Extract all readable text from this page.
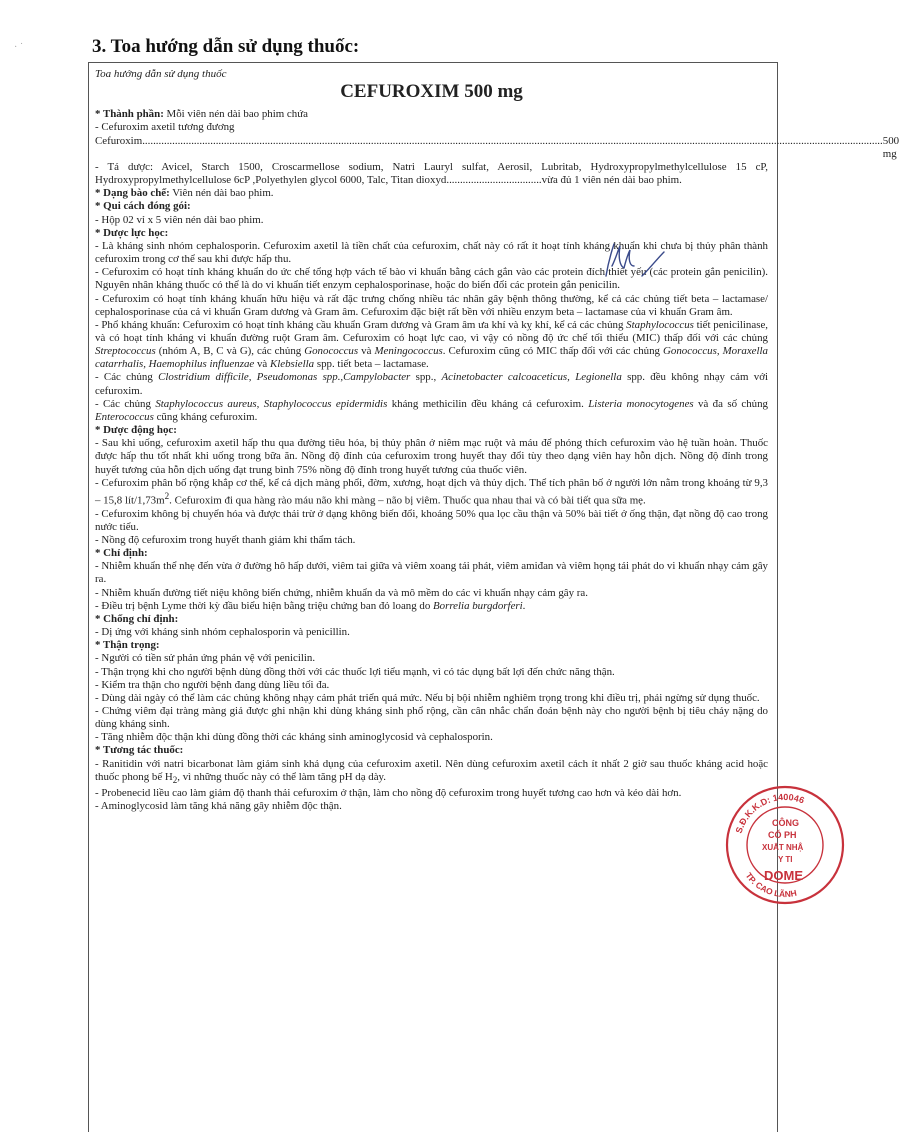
· ˙	3. Toa hướng dẫn sử dụng thuốc:

Toa hướng dẫn sử dụng thuốc

CEFUROXIM 500 mg

* Thành phần: Mỗi viên nén dài bao phim chứa

- Cefuroxim axetil tương đương

Cefuroxim
.....	500 mg

- Tá dược: Avicel, Starch 1500, Croscarmellose sodium, Natri Lauryl sulfat, Aerosil, Lubritab, Hydroxypropylmethylcellulose 15 cP, Hydroxypropylmethylcellulose 6cP ,Polyethylen glycol 6000, Talc, Titan dioxyd...................................vừa đủ 1 viên nén dài bao phim.

* Dạng bào chế: Viên nén dài bao phim.

* Qui cách đóng gói:

- Hộp 02 vỉ x 5 viên nén dài bao phim.

* Dược lực học:

- Là kháng sinh nhóm cephalosporin. Cefuroxim axetil là tiền chất của cefuroxim, chất này có rất ít hoạt tính kháng khuẩn khi chưa bị thủy phân thành cefuroxim trong cơ thể sau khi được hấp thu.

- Cefuroxim có hoạt tính kháng khuẩn do ức chế tổng hợp vách tế bào vi khuẩn bằng cách gắn vào các protein đích thiết yếu (các protein gắn penicilin). Nguyên nhân kháng thuốc có thể là do vi khuẩn tiết enzym cephalosporinase, hoặc do biến đổi các protein gắn penicilin.

- Cefuroxim có hoạt tính kháng khuẩn hữu hiệu và rất đặc trưng chống nhiều tác nhân gây bệnh thông thường, kể cả các chủng tiết beta – lactamase/ cephalosporinase của cả vi khuẩn Gram dương và Gram âm. Cefuroxim đặc biệt rất bền với nhiều enzym beta – lactamase của vi khuẩn Gram âm.

- Phổ kháng khuẩn: Cefuroxim có hoạt tính kháng cầu khuẩn Gram dương và Gram âm ưa khí và kỵ khí, kể cả các chủng Staphylococcus tiết penicilinase, và có hoạt tính kháng vi khuẩn đường ruột Gram âm. Cefuroxim có hoạt lực cao, vì vậy có nồng độ ức chế tối thiểu (MIC) thấp đối với các chủng Streptococcus (nhóm A, B, C và G), các chủng Gonococcus và Meningococcus. Cefuroxim cũng có MIC thấp đối với các chủng Gonococcus, Moraxella catarrhalis, Haemophilus influenzae và Klebsiella spp. tiết beta – lactamase.

- Các chủng Clostridium difficile, Pseudomonas spp.,Campylobacter spp., Acinetobacter calcoaceticus, Legionella spp. đều không nhạy cảm với cefuroxim.

- Các chủng Staphylococcus aureus, Staphylococcus epidermidis kháng methicilin đều kháng cả cefuroxim. Listeria monocytogenes và đa số chủng Enterococcus cũng kháng cefuroxim.

* Dược động học:

- Sau khi uống, cefuroxim axetil hấp thu qua đường tiêu hóa, bị thủy phân ở niêm mạc ruột và máu để phóng thích cefuroxim vào hệ tuần hoàn. Thuốc được hấp thu tốt nhất khi uống trong bữa ăn. Nồng độ đỉnh của cefuroxim trong huyết thay đổi tùy theo dạng viên hay hỗn dịch. Nồng độ đỉnh trong huyết tương của hỗn dịch uống đạt trung bình 75% nồng độ đỉnh trong huyết tương của thuốc viên.

- Cefuroxim phân bố rộng khắp cơ thể, kể cả dịch màng phổi, đờm, xương, hoạt dịch và thủy dịch. Thể tích phân bố ở người lớn nằm trong khoảng từ 9,3 – 15,8 lít/$1,73m^2$. Cefuroxim đi qua hàng rào máu não khi màng – não bị viêm. Thuốc qua nhau thai và có bài tiết qua sữa mẹ.

- Cefuroxim không bị chuyển hóa và được thải trừ ở dạng không biến đổi, khoảng 50% qua lọc cầu thận và 50% bài tiết ở ống thận, đạt nồng độ cao trong nước tiểu.

- Nồng độ cefuroxim trong huyết thanh giảm khi thẩm tách.

* Chỉ định:

- Nhiễm khuẩn thể nhẹ đến vừa ở đường hô hấp dưới, viêm tai giữa và viêm xoang tái phát, viêm amiđan và viêm họng tái phát do vi khuẩn nhạy cảm gây ra.

- Nhiễm khuẩn đường tiết niệu không biến chứng, nhiễm khuẩn da và mô mềm do các vi khuẩn nhạy cảm gây ra.

- Điều trị bệnh Lyme thời kỳ đầu biểu hiện bằng triệu chứng ban đỏ loang do Borrelia burgdorferi.

* Chống chỉ định:

- Dị ứng với kháng sinh nhóm cephalosporin và penicillin.

* Thận trọng:

- Người có tiền sử phản ứng phản vệ với penicilin.

- Thận trọng khi cho người bệnh dùng đồng thời với các thuốc lợi tiểu mạnh, vì có tác dụng bất lợi đến chức năng thận.

- Kiểm tra thận cho người bệnh đang dùng liều tối đa.

- Dùng dài ngày có thể làm các chủng không nhạy cảm phát triển quá mức. Nếu bị bội nhiễm nghiêm trọng trong khi điều trị, phải ngừng sử dụng thuốc.

- Chứng viêm đại tràng màng giả được ghi nhận khi dùng kháng sinh phổ rộng, cần cân nhắc chẩn đoán bệnh này cho người bệnh bị tiêu chảy nặng do dùng kháng sinh.

- Tăng nhiễm độc thận khi dùng đồng thời các kháng sinh aminoglycosid và cephalosporin.

* Tương tác thuốc:

- Ranitidin với natri bicarbonat làm giảm sinh khả dụng của cefuroxim axetil. Nên dùng cefuroxim axetil cách ít nhất 2 giờ sau thuốc kháng acid hoặc thuốc phong bế $H_2$, vì những thuốc này có thể làm tăng pH dạ dày.

- Probenecid liều cao làm giảm độ thanh thải cefuroxim ở thận, làm cho nồng độ cefuroxim trong huyết tương cao hơn và kéo dài hơn.

- Aminoglycosid làm tăng khả năng gây nhiễm độc thận.

S.Đ.K.K.D: 140046
TP. CAO LÃNH
CÔNG
CỔ PH
XUẤT NHẬ
Y TI
DOME
